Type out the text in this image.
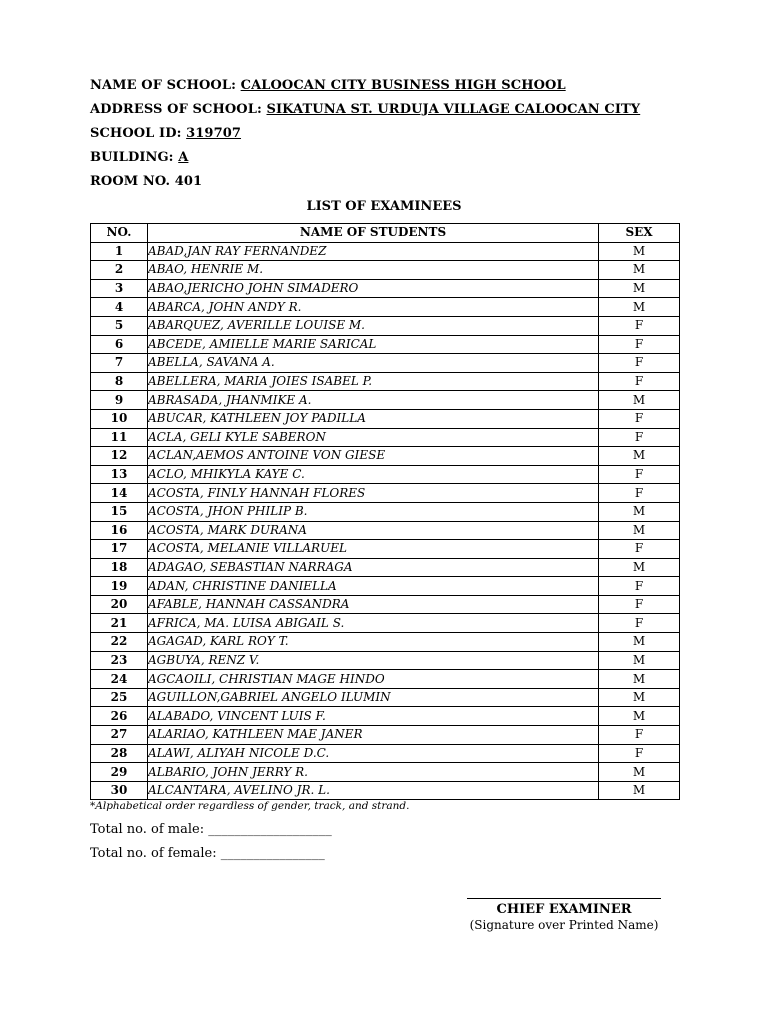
NAME OF SCHOOL: CALOOCAN CITY BUSINESS HIGH SCHOOL
ADDRESS OF SCHOOL: SIKATUNA ST. URDUJA VILLAGE CALOOCAN CITY
SCHOOL ID: 319707
BUILDING: A
ROOM NO. 401
LIST OF EXAMINEES
NO.	NAME OF STUDENTS	SEX
1	ABAD,JAN RAY FERNANDEZ	M
2	ABAO, HENRIE M.	M
3	ABAO,JERICHO JOHN SIMADERO	M
4	ABARCA, JOHN ANDY R.	M
5	ABARQUEZ, AVERILLE LOUISE M.	F
6	ABCEDE, AMIELLE MARIE SARICAL	F
7	ABELLA, SAVANA A.	F
8	ABELLERA, MARIA JOIES ISABEL P.	F
9	ABRASADA, JHANMIKE A.	M
10	ABUCAR, KATHLEEN JOY PADILLA	F
11	ACLA, GELI KYLE SABERON	F
12	ACLAN,AEMOS ANTOINE VON GIESE	M
13	ACLO, MHIKYLA KAYE C.	F
14	ACOSTA, FINLY HANNAH FLORES	F
15	ACOSTA, JHON PHILIP B.	M
16	ACOSTA, MARK DURANA	M
17	ACOSTA, MELANIE VILLARUEL	F
18	ADAGAO, SEBASTIAN NARRAGA	M
19	ADAN, CHRISTINE DANIELLA	F
20	AFABLE, HANNAH CASSANDRA	F
21	AFRICA, MA. LUISA ABIGAIL S.	F
22	AGAGAD, KARL ROY T.	M
23	AGBUYA, RENZ V.	M
24	AGCAOILI, CHRISTIAN MAGE HINDO	M
25	AGUILLON,GABRIEL ANGELO ILUMIN	M
26	ALABADO, VINCENT LUIS F.	M
27	ALARIAO, KATHLEEN MAE JANER	F
28	ALAWI, ALIYAH NICOLE D.C.	F
29	ALBARIO, JOHN JERRY R.	M
30	ALCANTARA, AVELINO JR. L.	M
*Alphabetical order regardless of gender, track, and strand.
Total no. of male: ___________________
Total no. of female: ________________
CHIEF EXAMINER
(Signature over Printed Name)
